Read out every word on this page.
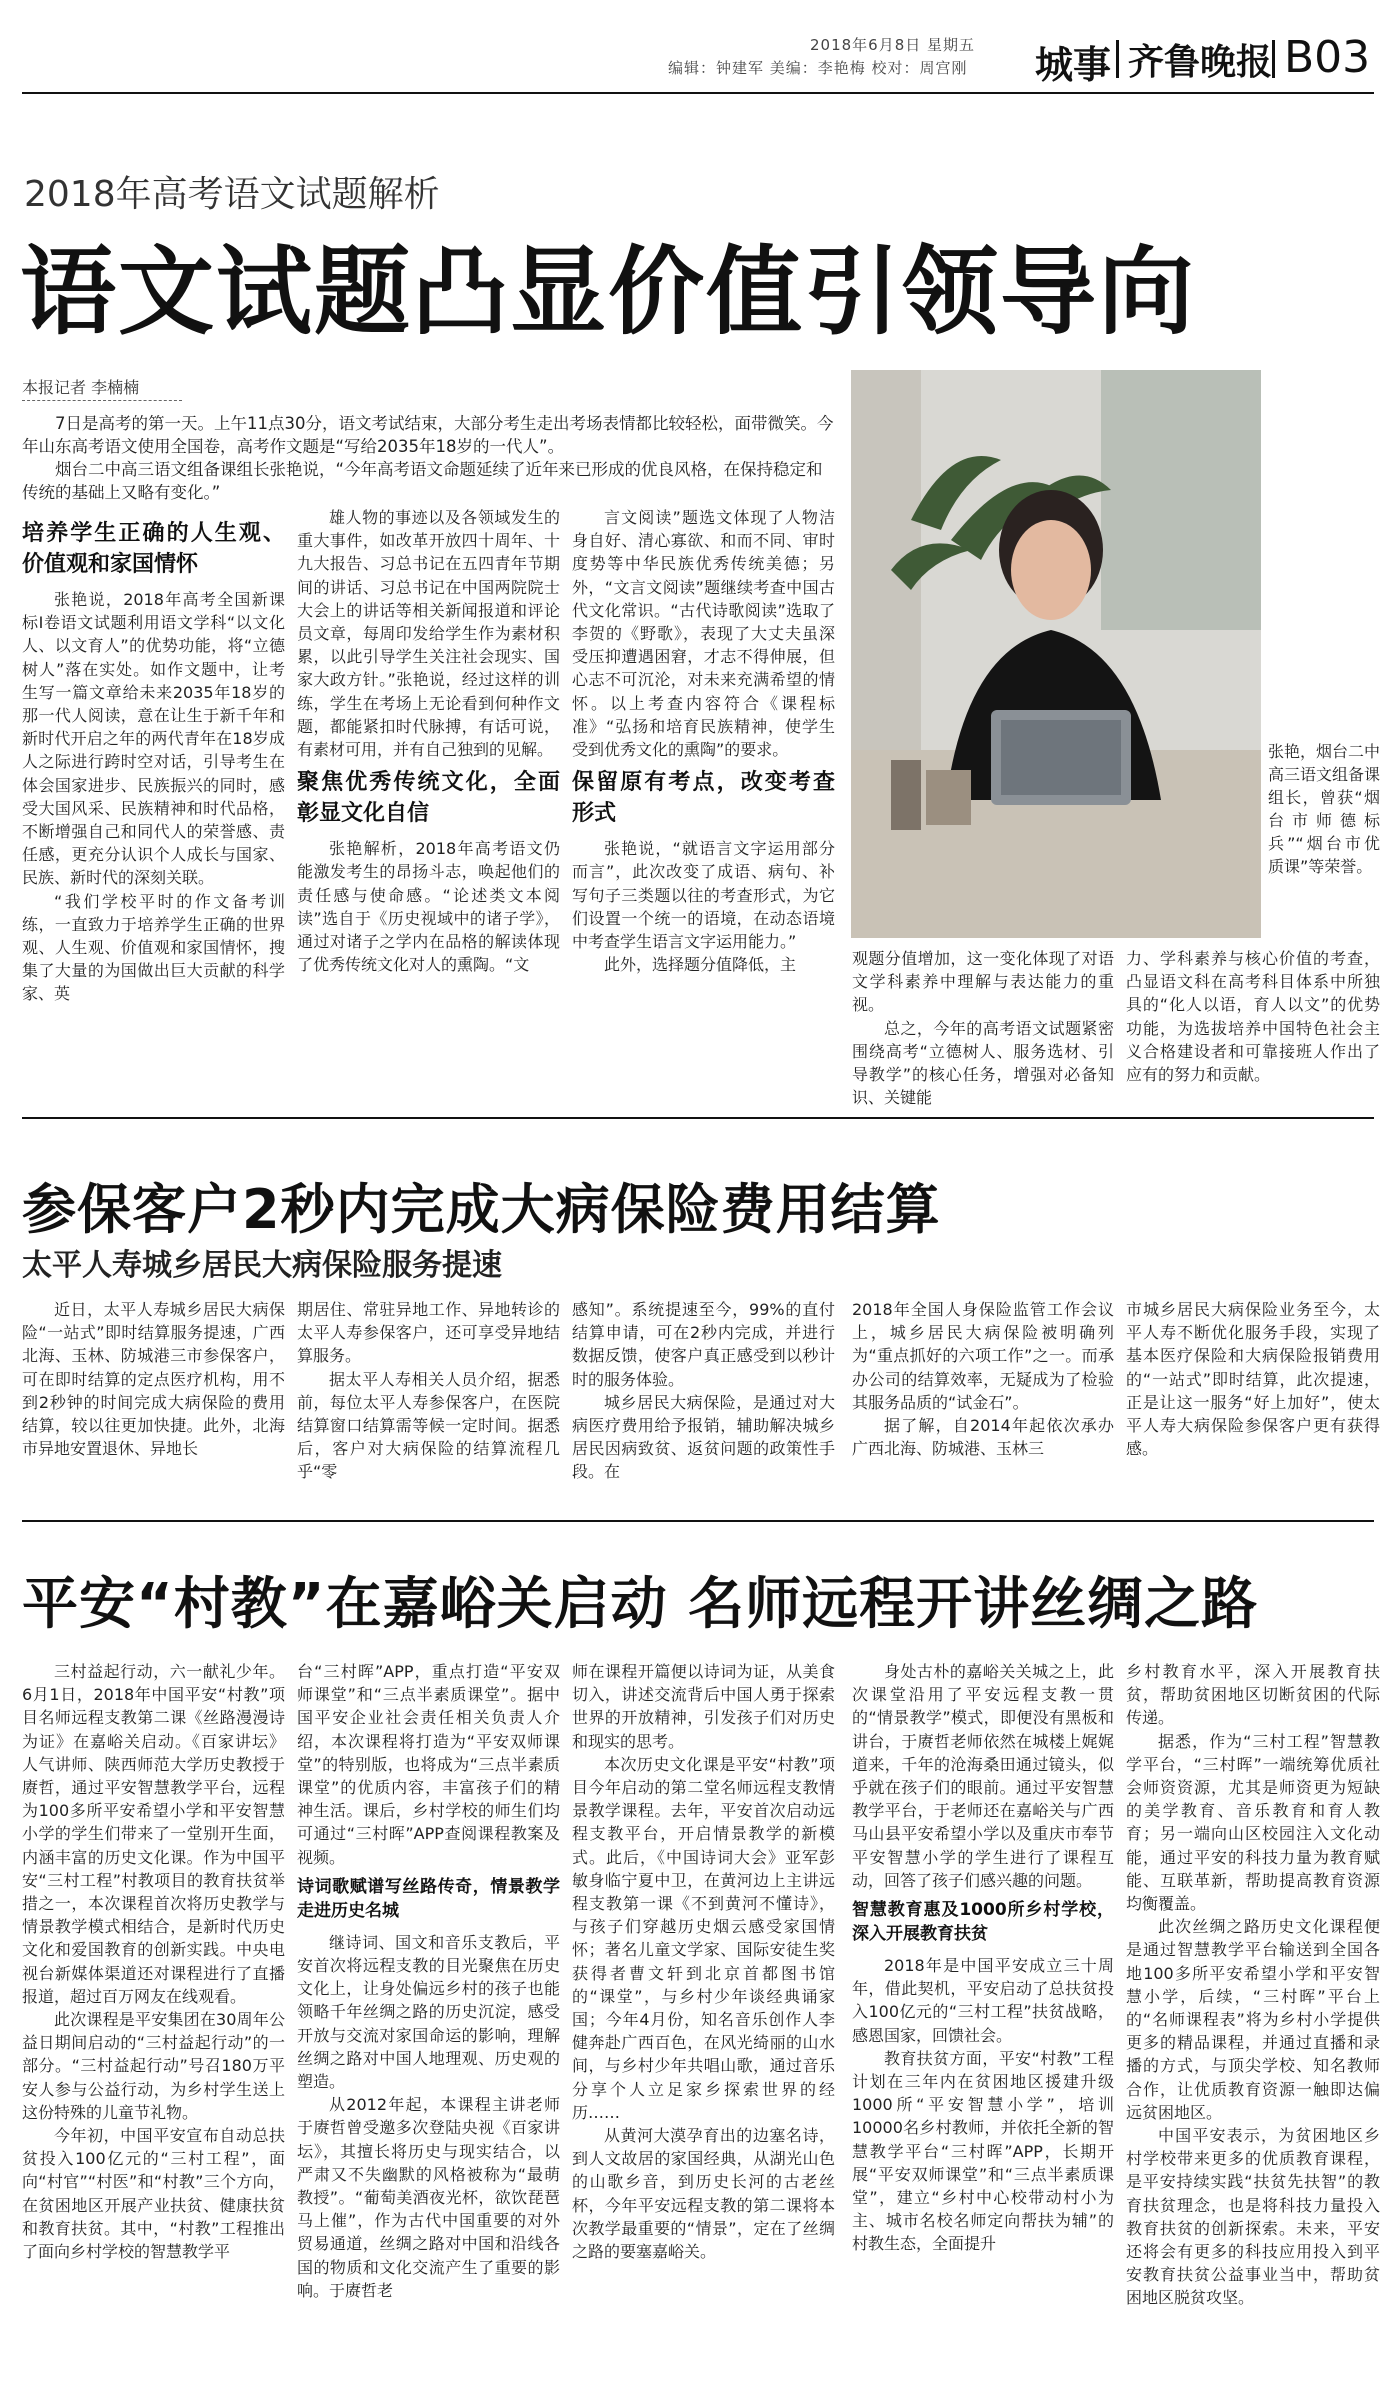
2018年6月8日 星期五
编辑：钟建军 美编：李艳梅 校对：周宫刚 城事 齐鲁晚报 B03
2018年高考语文试题解析
语文试题凸显价值引领导向
本报记者 李楠楠

7日是高考的第一天。上午11点30分，语文考试结束，大部分考生走出考场表情都比较轻松，面带微笑。今年山东高考语文使用全国卷，高考作文题是“写给2035年18岁的一代人”。

烟台二中高三语文组备课组长张艳说，“今年高考语文命题延续了近年来已形成的优良风格，在保持稳定和传统的基础上又略有变化。”

培养学生正确的人生观、价值观和家国情怀

张艳说，2018年高考全国新课标Ⅰ卷语文试题利用语文学科“以文化人、以文育人”的优势功能，将“立德树人”落在实处。如作文题中，让考生写一篇文章给未来2035年18岁的那一代人阅读，意在让生于新千年和新时代开启之年的两代青年在18岁成人之际进行跨时空对话，引导考生在体会国家进步、民族振兴的同时，感受大国风采、民族精神和时代品格，不断增强自己和同代人的荣誉感、责任感，更充分认识个人成长与国家、民族、新时代的深刻关联。

“我们学校平时的作文备考训练，一直致力于培养学生正确的世界观、人生观、价值观和家国情怀，搜集了大量的为国做出巨大贡献的科学家、英

雄人物的事迹以及各领域发生的重大事件，如改革开放四十周年、十九大报告、习总书记在五四青年节期间的讲话、习总书记在中国两院院士大会上的讲话等相关新闻报道和评论员文章，每周印发给学生作为素材积累，以此引导学生关注社会现实、国家大政方针。”张艳说，经过这样的训练，学生在考场上无论看到何种作文题，都能紧扣时代脉搏，有话可说，有素材可用，并有自己独到的见解。

聚焦优秀传统文化，全面彰显文化自信

张艳解析，2018年高考语文仍能激发考生的昂扬斗志，唤起他们的责任感与使命感。“论述类文本阅读”选自于《历史视域中的诸子学》，通过对诸子之学内在品格的解读体现了优秀传统文化对人的熏陶。“文

言文阅读”题选文体现了人物洁身自好、清心寡欲、和而不同、审时度势等中华民族优秀传统美德；另外，“文言文阅读”题继续考查中国古代文化常识。“古代诗歌阅读”选取了李贺的《野歌》，表现了大丈夫虽深受压抑遭遇困窘，才志不得伸展，但心志不可沉沦，对未来充满希望的情怀。以上考查内容符合《课程标准》“弘扬和培育民族精神，使学生受到优秀文化的熏陶”的要求。

保留原有考点，改变考查形式

张艳说，“就语言文字运用部分而言”，此次改变了成语、病句、补写句子三类题以往的考查形式，为它们设置一个统一的语境，在动态语境中考查学生语言文字运用能力。”

此外，选择题分值降低，主

张艳，烟台二中高三语文组备课组长，曾获“烟台市师德标兵”“烟台市优质课”等荣誉。

观题分值增加，这一变化体现了对语文学科素养中理解与表达能力的重视。

总之，今年的高考语文试题紧密围绕高考“立德树人、服务选材、引导教学”的核心任务，增强对必备知识、关键能

力、学科素养与核心价值的考查，凸显语文科在高考科目体系中所独具的“化人以语，育人以文”的优势功能，为选拔培养中国特色社会主义合格建设者和可靠接班人作出了应有的努力和贡献。

参保客户2秒内完成大病保险费用结算
太平人寿城乡居民大病保险服务提速

近日，太平人寿城乡居民大病保险“一站式”即时结算服务提速，广西北海、玉林、防城港三市参保客户，可在即时结算的定点医疗机构，用不到2秒钟的时间完成大病保险的费用结算，较以往更加快捷。此外，北海市异地安置退休、异地长

期居住、常驻异地工作、异地转诊的太平人寿参保客户，还可享受异地结算服务。

据太平人寿相关人员介绍，据悉前，每位太平人寿参保客户，在医院结算窗口结算需等候一定时间。据悉后，客户对大病保险的结算流程几乎“零

感知”。系统提速至今，99%的直付结算申请，可在2秒内完成，并进行数据反馈，使客户真正感受到以秒计时的服务体验。

城乡居民大病保险，是通过对大病医疗费用给予报销，辅助解决城乡居民因病致贫、返贫问题的政策性手段。在

2018年全国人身保险监管工作会议上，城乡居民大病保险被明确列为“重点抓好的六项工作”之一。而承办公司的结算效率，无疑成为了检验其服务品质的“试金石”。

据了解，自2014年起依次承办广西北海、防城港、玉林三

市城乡居民大病保险业务至今，太平人寿不断优化服务手段，实现了基本医疗保险和大病保险报销费用的“一站式”即时结算，此次提速，正是让这一服务“好上加好”，使太平人寿大病保险参保客户更有获得感。

平安“村教”在嘉峪关启动 名师远程开讲丝绸之路

三村益起行动，六一献礼少年。6月1日，2018年中国平安“村教”项目名师远程支教第二课《丝路漫漫诗为证》在嘉峪关启动。《百家讲坛》人气讲师、陕西师范大学历史教授于赓哲，通过平安智慧教学平台，远程为100多所平安希望小学和平安智慧小学的学生们带来了一堂别开生面，内涵丰富的历史文化课。作为中国平安“三村工程”村教项目的教育扶贫举措之一，本次课程首次将历史教学与情景教学模式相结合，是新时代历史文化和爱国教育的创新实践。中央电视台新媒体渠道还对课程进行了直播报道，超过百万网友在线观看。

此次课程是平安集团在30周年公益日期间启动的“三村益起行动”的一部分。“三村益起行动”号召180万平安人参与公益行动，为乡村学生送上这份特殊的儿童节礼物。

今年初，中国平安宣布自动总扶贫投入100亿元的“三村工程”，面向“村官”“村医”和“村教”三个方向，在贫困地区开展产业扶贫、健康扶贫和教育扶贫。其中，“村教”工程推出了面向乡村学校的智慧教学平

台“三村晖”APP，重点打造“平安双师课堂”和“三点半素质课堂”。据中国平安企业社会责任相关负责人介绍，本次课程将打造为“平安双师课堂”的特别版，也将成为“三点半素质课堂”的优质内容，丰富孩子们的精神生活。课后，乡村学校的师生们均可通过“三村晖”APP查阅课程教案及视频。

诗词歌赋谱写丝路传奇，情景教学走进历史名城

继诗词、国文和音乐支教后，平安首次将远程支教的目光聚焦在历史文化上，让身处偏远乡村的孩子也能领略千年丝绸之路的历史沉淀，感受开放与交流对家国命运的影响，理解丝绸之路对中国人地理观、历史观的塑造。

从2012年起，本课程主讲老师于赓哲曾受邀多次登陆央视《百家讲坛》，其擅长将历史与现实结合，以严肃又不失幽默的风格被称为“最萌教授”。“葡萄美酒夜光杯，欲饮琵琶马上催”，作为古代中国重要的对外贸易通道，丝绸之路对中国和沿线各国的物质和文化交流产生了重要的影响。于赓哲老

师在课程开篇便以诗词为证，从美食切入，讲述交流背后中国人勇于探索世界的开放精神，引发孩子们对历史和现实的思考。

本次历史文化课是平安“村教”项目今年启动的第二堂名师远程支教情景教学课程。去年，平安首次启动远程支教平台，开启情景教学的新模式。此后，《中国诗词大会》亚军彭敏身临宁夏中卫，在黄河边上主讲远程支教第一课《不到黄河不懂诗》，与孩子们穿越历史烟云感受家国情怀；著名儿童文学家、国际安徒生奖获得者曹文轩到北京首都图书馆的“课堂”，与乡村少年谈经典诵家国；今年4月份，知名音乐创作人李健奔赴广西百色，在风光绮丽的山水间，与乡村少年共唱山歌，通过音乐分享个人立足家乡探索世界的经历……

从黄河大漠孕育出的边塞名诗，到人文故居的家国经典，从湖光山色的山歌乡音，到历史长河的古老丝杯，今年平安远程支教的第二课将本次教学最重要的“情景”，定在了丝绸之路的要塞嘉峪关。

身处古朴的嘉峪关关城之上，此次课堂沿用了平安远程支教一贯的“情景教学”模式，即便没有黑板和讲台，于赓哲老师依然在城楼上娓娓道来，千年的沧海桑田通过镜头，似乎就在孩子们的眼前。通过平安智慧教学平台，于老师还在嘉峪关与广西马山县平安希望小学以及重庆市奉节平安智慧小学的学生进行了课程互动，回答了孩子们感兴趣的问题。

智慧教育惠及1000所乡村学校，深入开展教育扶贫

2018年是中国平安成立三十周年，借此契机，平安启动了总扶贫投入100亿元的“三村工程”扶贫战略，感恩国家，回馈社会。

教育扶贫方面，平安“村教”工程计划在三年内在贫困地区援建升级1000所“平安智慧小学”，培训10000名乡村教师，并依托全新的智慧教学平台“三村晖”APP，长期开展“平安双师课堂”和“三点半素质课堂”，建立“乡村中心校带动村小为主、城市名校名师定向帮扶为辅”的村教生态，全面提升

乡村教育水平，深入开展教育扶贫，帮助贫困地区切断贫困的代际传递。

据悉，作为“三村工程”智慧教学平台，“三村晖”一端统筹优质社会师资资源，尤其是师资更为短缺的美学教育、音乐教育和育人教育；另一端向山区校园注入文化动能，通过平安的科技力量为教育赋能、互联革新，帮助提高教育资源均衡覆盖。

此次丝绸之路历史文化课程便是通过智慧教学平台输送到全国各地100多所平安希望小学和平安智慧小学，后续，“三村晖”平台上的“名师课程表”将为乡村小学提供更多的精品课程，并通过直播和录播的方式，与顶尖学校、知名教师合作，让优质教育资源一触即达偏远贫困地区。

中国平安表示，为贫困地区乡村学校带来更多的优质教育课程，是平安持续实践“扶贫先扶智”的教育扶贫理念，也是将科技力量投入教育扶贫的创新探索。未来，平安还将会有更多的科技应用投入到平安教育扶贫公益事业当中，帮助贫困地区脱贫攻坚。
